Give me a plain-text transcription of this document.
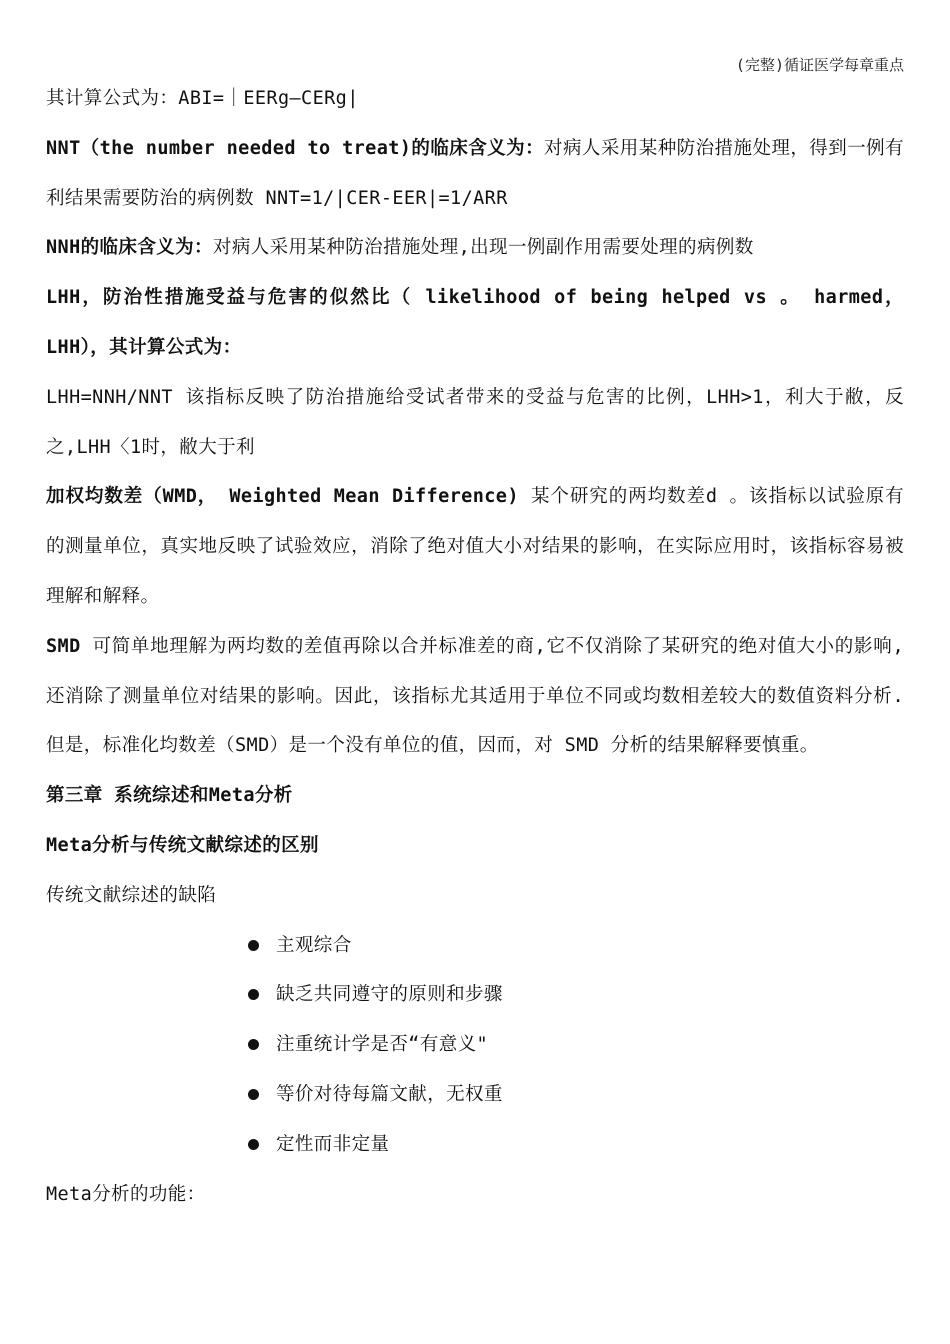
(完整)循证医学每章重点

其计算公式为：ABI=｜EERg—CERg|

NNT（the number needed to treat)的临床含义为：对病人采用某种防治措施处理，得到一例有利结果需要防治的病例数 NNT=1/|CER-EER|=1/ARR

NNH的临床含义为：对病人采用某种防治措施处理,出现一例副作用需要处理的病例数

LHH，防治性措施受益与危害的似然比（ likelihood of being helped vs 。 harmed，LHH），其计算公式为：

LHH=NNH/NNT 该指标反映了防治措施给受试者带来的受益与危害的比例，LHH>1，利大于敝，反之,LHH〈1时，敝大于利

加权均数差（WMD， Weighted Mean Difference) 某个研究的两均数差d 。该指标以试验原有的测量单位，真实地反映了试验效应，消除了绝对值大小对结果的影响，在实际应用时，该指标容易被理解和解释。

SMD 可简单地理解为两均数的差值再除以合并标准差的商,它不仅消除了某研究的绝对值大小的影响,还消除了测量单位对结果的影响。因此，该指标尤其适用于单位不同或均数相差较大的数值资料分析.但是，标准化均数差（SMD）是一个没有单位的值，因而，对 SMD 分析的结果解释要慎重。

第三章 系统综述和Meta分析

Meta分析与传统文献综述的区别

传统文献综述的缺陷

主观综合
缺乏共同遵守的原则和步骤
注重统计学是否“有意义"
等价对待每篇文献，无权重
定性而非定量

Meta分析的功能：
